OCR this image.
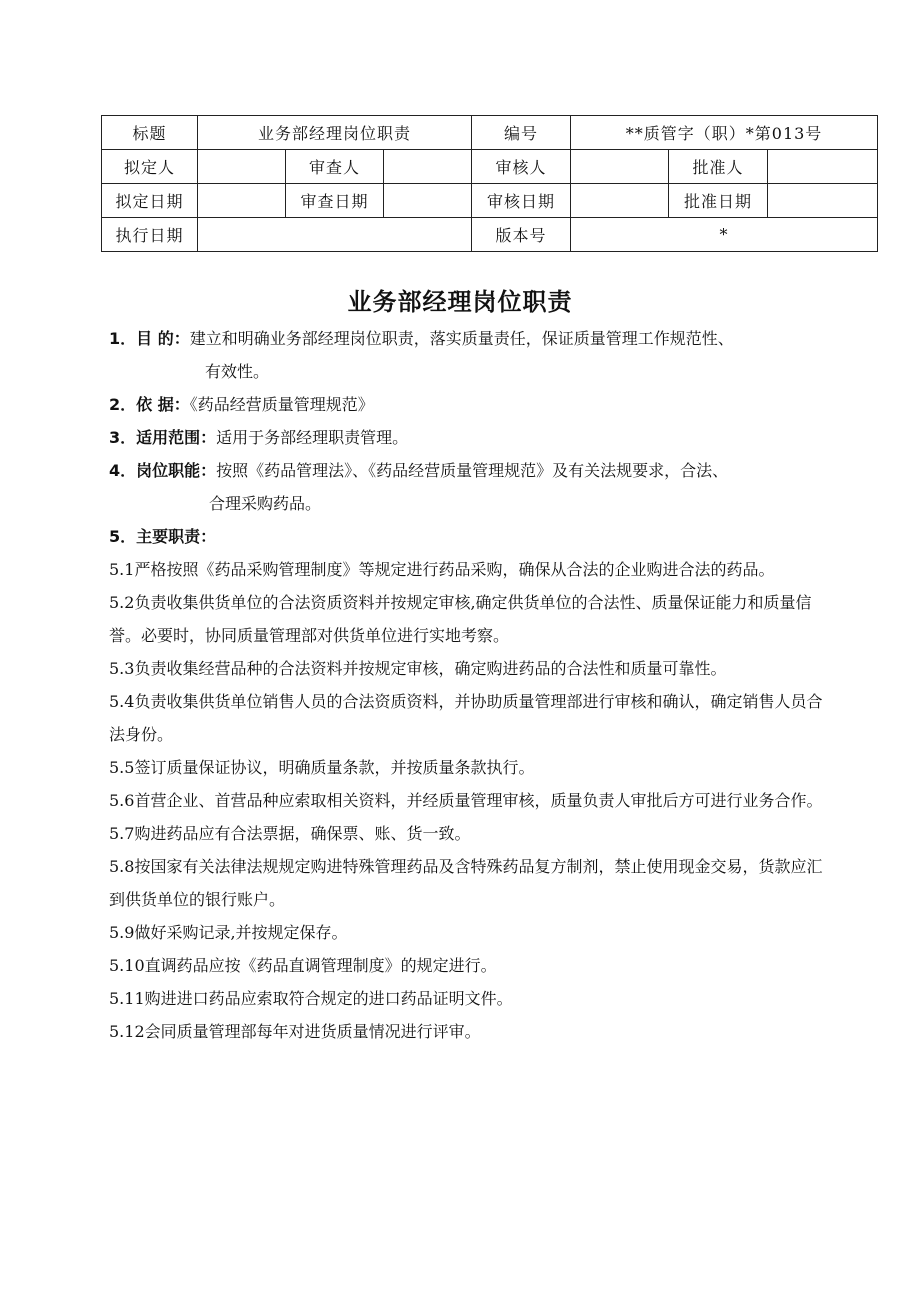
标题	业务部经理岗位职责			编号	**质管字（职）*第013号		
拟定人		审查人		审核人		批准人	
拟定日期		审查日期		审核日期		批准日期	
执行日期				版本号	*		
业务部经理岗位职责

1．目 的：建立和明确业务部经理岗位职责，落实质量责任，保证质量管理工作规范性、

有效性。

2．依 据：《药品经营质量管理规范》

3．适用范围：适用于务部经理职责管理。

4．岗位职能：按照《药品管理法》、《药品经营质量管理规范》及有关法规要求，合法、

合理采购药品。

5．主要职责：

5.1严格按照《药品采购管理制度》等规定进行药品采购，确保从合法的企业购进合法的药品。

5.2负责收集供货单位的合法资质资料并按规定审核,确定供货单位的合法性、质量保证能力和质量信誉。必要时，协同质量管理部对供货单位进行实地考察。

5.3负责收集经营品种的合法资料并按规定审核，确定购进药品的合法性和质量可靠性。

5.4负责收集供货单位销售人员的合法资质资料，并协助质量管理部进行审核和确认，确定销售人员合法身份。

5.5签订质量保证协议，明确质量条款，并按质量条款执行。

5.6首营企业、首营品种应索取相关资料，并经质量管理审核，质量负责人审批后方可进行业务合作。

5.7购进药品应有合法票据，确保票、账、货一致。

5.8按国家有关法律法规规定购进特殊管理药品及含特殊药品复方制剂，禁止使用现金交易，货款应汇到供货单位的银行账户。

5.9做好采购记录,并按规定保存。

5.10直调药品应按《药品直调管理制度》的规定进行。

5.11购进进口药品应索取符合规定的进口药品证明文件。

5.12会同质量管理部每年对进货质量情况进行评审。
